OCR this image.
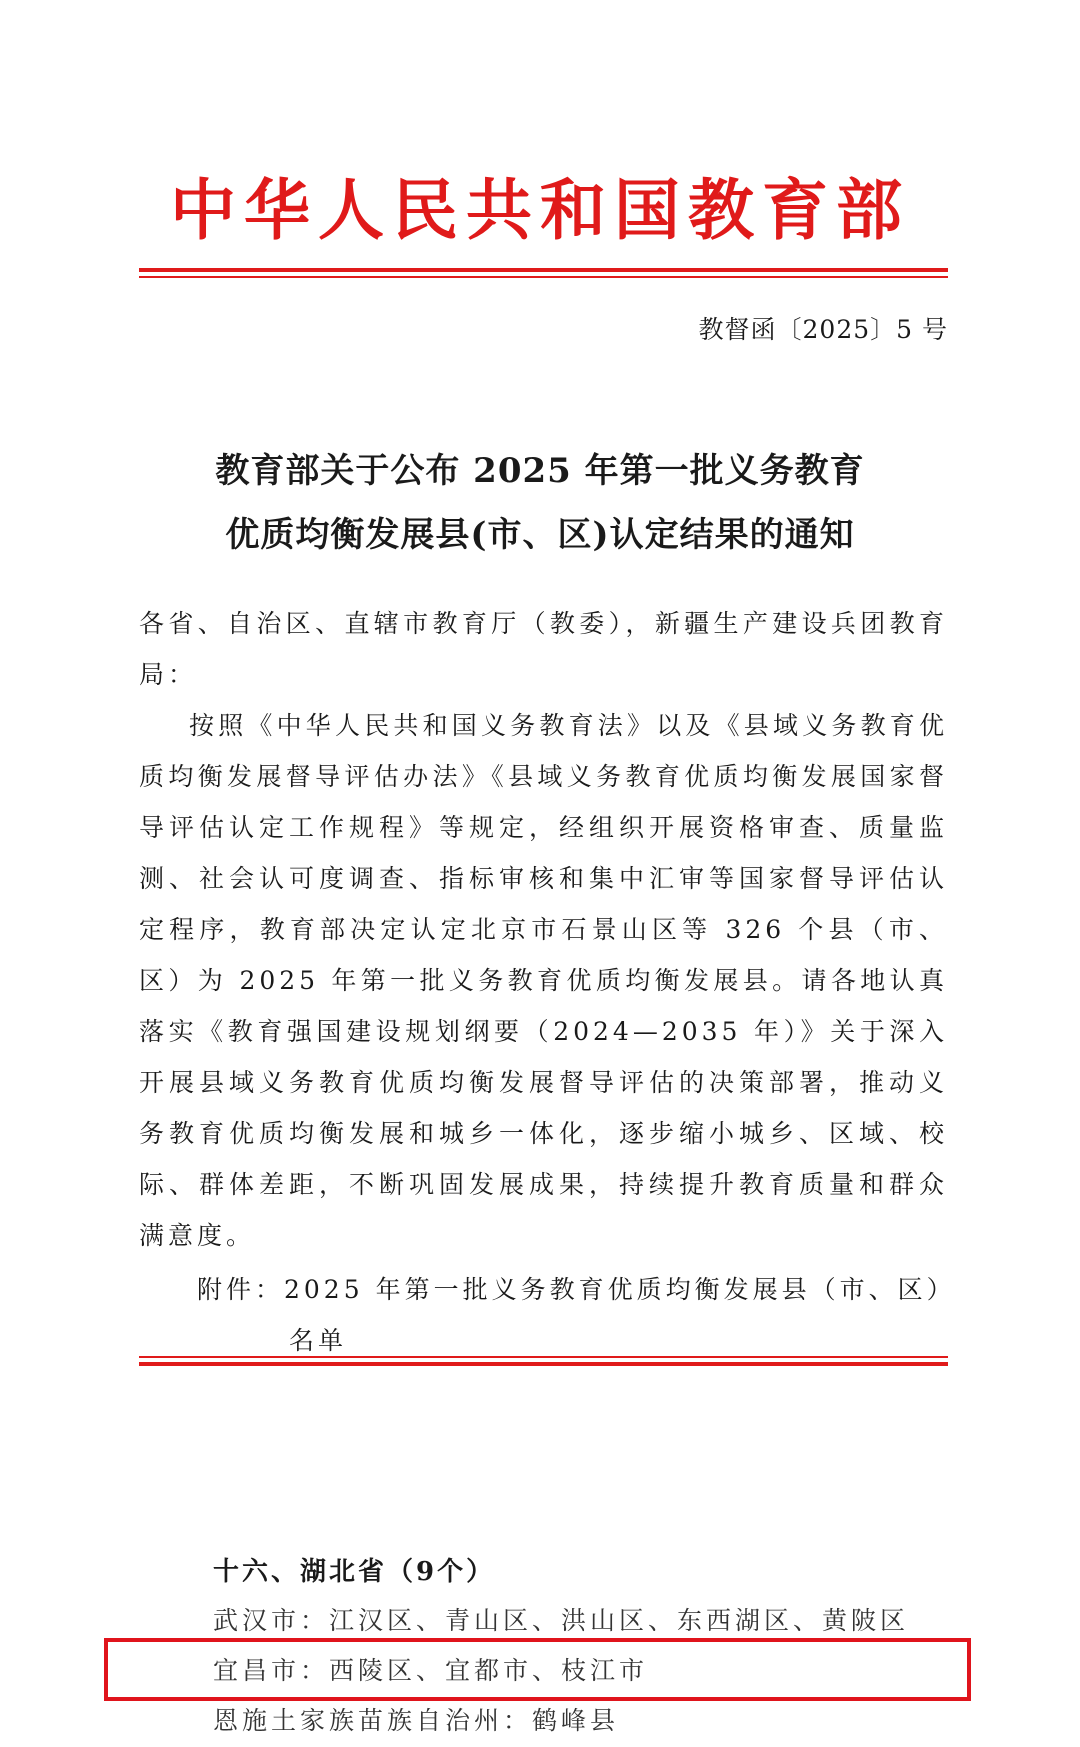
中华人民共和国教育部
教督函〔2025〕5 号
教育部关于公布 2025 年第一批义务教育
优质均衡发展县(市、区)认定结果的通知
各省、自治区、直辖市教育厅（教委），新疆生产建设兵团教育局：
按照《中华人民共和国义务教育法》以及《县域义务教育优质均衡发展督导评估办法》《县域义务教育优质均衡发展国家督导评估认定工作规程》等规定，经组织开展资格审查、质量监测、社会认可度调查、指标审核和集中汇审等国家督导评估认定程序，教育部决定认定北京市石景山区等 326 个县（市、区）为 2025 年第一批义务教育优质均衡发展县。请各地认真落实《教育强国建设规划纲要（2024—2035 年）》关于深入开展县域义务教育优质均衡发展督导评估的决策部署，推动义务教育优质均衡发展和城乡一体化，逐步缩小城乡、区域、校际、群体差距，不断巩固发展成果，持续提升教育质量和群众满意度。
附件：2025 年第一批义务教育优质均衡发展县（市、区）
名单
十六、湖北省（9个）
武汉市：江汉区、青山区、洪山区、东西湖区、黄陂区
宜昌市：西陵区、宜都市、枝江市
恩施土家族苗族自治州：鹤峰县
